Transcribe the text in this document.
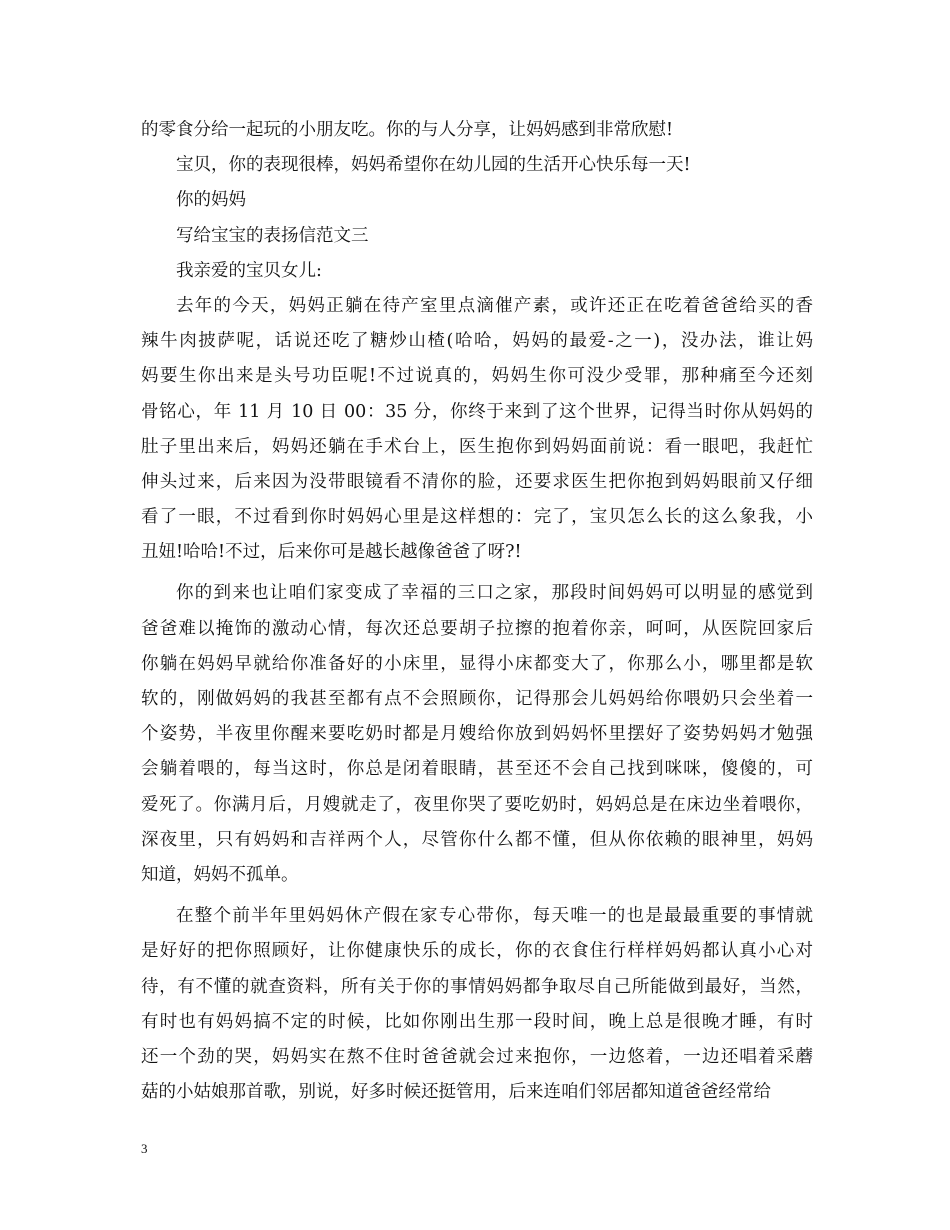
的零食分给一起玩的小朋友吃。你的与人分享，让妈妈感到非常欣慰!
宝贝，你的表现很棒，妈妈希望你在幼儿园的生活开心快乐每一天!
你的妈妈
写给宝宝的表扬信范文三
我亲爱的宝贝女儿:
去年的今天，妈妈正躺在待产室里点滴催产素，或许还正在吃着爸爸给买的香
辣牛肉披萨呢，话说还吃了糖炒山楂(哈哈，妈妈的最爱-之一)，没办法，谁让妈
妈要生你出来是头号功臣呢!不过说真的，妈妈生你可没少受罪，那种痛至今还刻
骨铭心，年 11 月 10 日 00：35 分，你终于来到了这个世界，记得当时你从妈妈的
肚子里出来后，妈妈还躺在手术台上，医生抱你到妈妈面前说：看一眼吧，我赶忙
伸头过来，后来因为没带眼镜看不清你的脸，还要求医生把你抱到妈妈眼前又仔细
看了一眼，不过看到你时妈妈心里是这样想的：完了，宝贝怎么长的这么象我，小
丑妞!哈哈!不过，后来你可是越长越像爸爸了呀?!
你的到来也让咱们家变成了幸福的三口之家，那段时间妈妈可以明显的感觉到
爸爸难以掩饰的激动心情，每次还总要胡子拉擦的抱着你亲，呵呵，从医院回家后
你躺在妈妈早就给你准备好的小床里，显得小床都变大了，你那么小，哪里都是软
软的，刚做妈妈的我甚至都有点不会照顾你，记得那会儿妈妈给你喂奶只会坐着一
个姿势，半夜里你醒来要吃奶时都是月嫂给你放到妈妈怀里摆好了姿势妈妈才勉强
会躺着喂的，每当这时，你总是闭着眼睛，甚至还不会自己找到咪咪，傻傻的，可
爱死了。你满月后，月嫂就走了，夜里你哭了要吃奶时，妈妈总是在床边坐着喂你，
深夜里，只有妈妈和吉祥两个人，尽管你什么都不懂，但从你依赖的眼神里，妈妈
知道，妈妈不孤单。
在整个前半年里妈妈休产假在家专心带你，每天唯一的也是最最重要的事情就
是好好的把你照顾好，让你健康快乐的成长，你的衣食住行样样妈妈都认真小心对
待，有不懂的就查资料，所有关于你的事情妈妈都争取尽自己所能做到最好，当然，
有时也有妈妈搞不定的时候，比如你刚出生那一段时间，晚上总是很晚才睡，有时
还一个劲的哭，妈妈实在熬不住时爸爸就会过来抱你，一边悠着，一边还唱着采蘑
菇的小姑娘那首歌，别说，好多时候还挺管用，后来连咱们邻居都知道爸爸经常给
3
